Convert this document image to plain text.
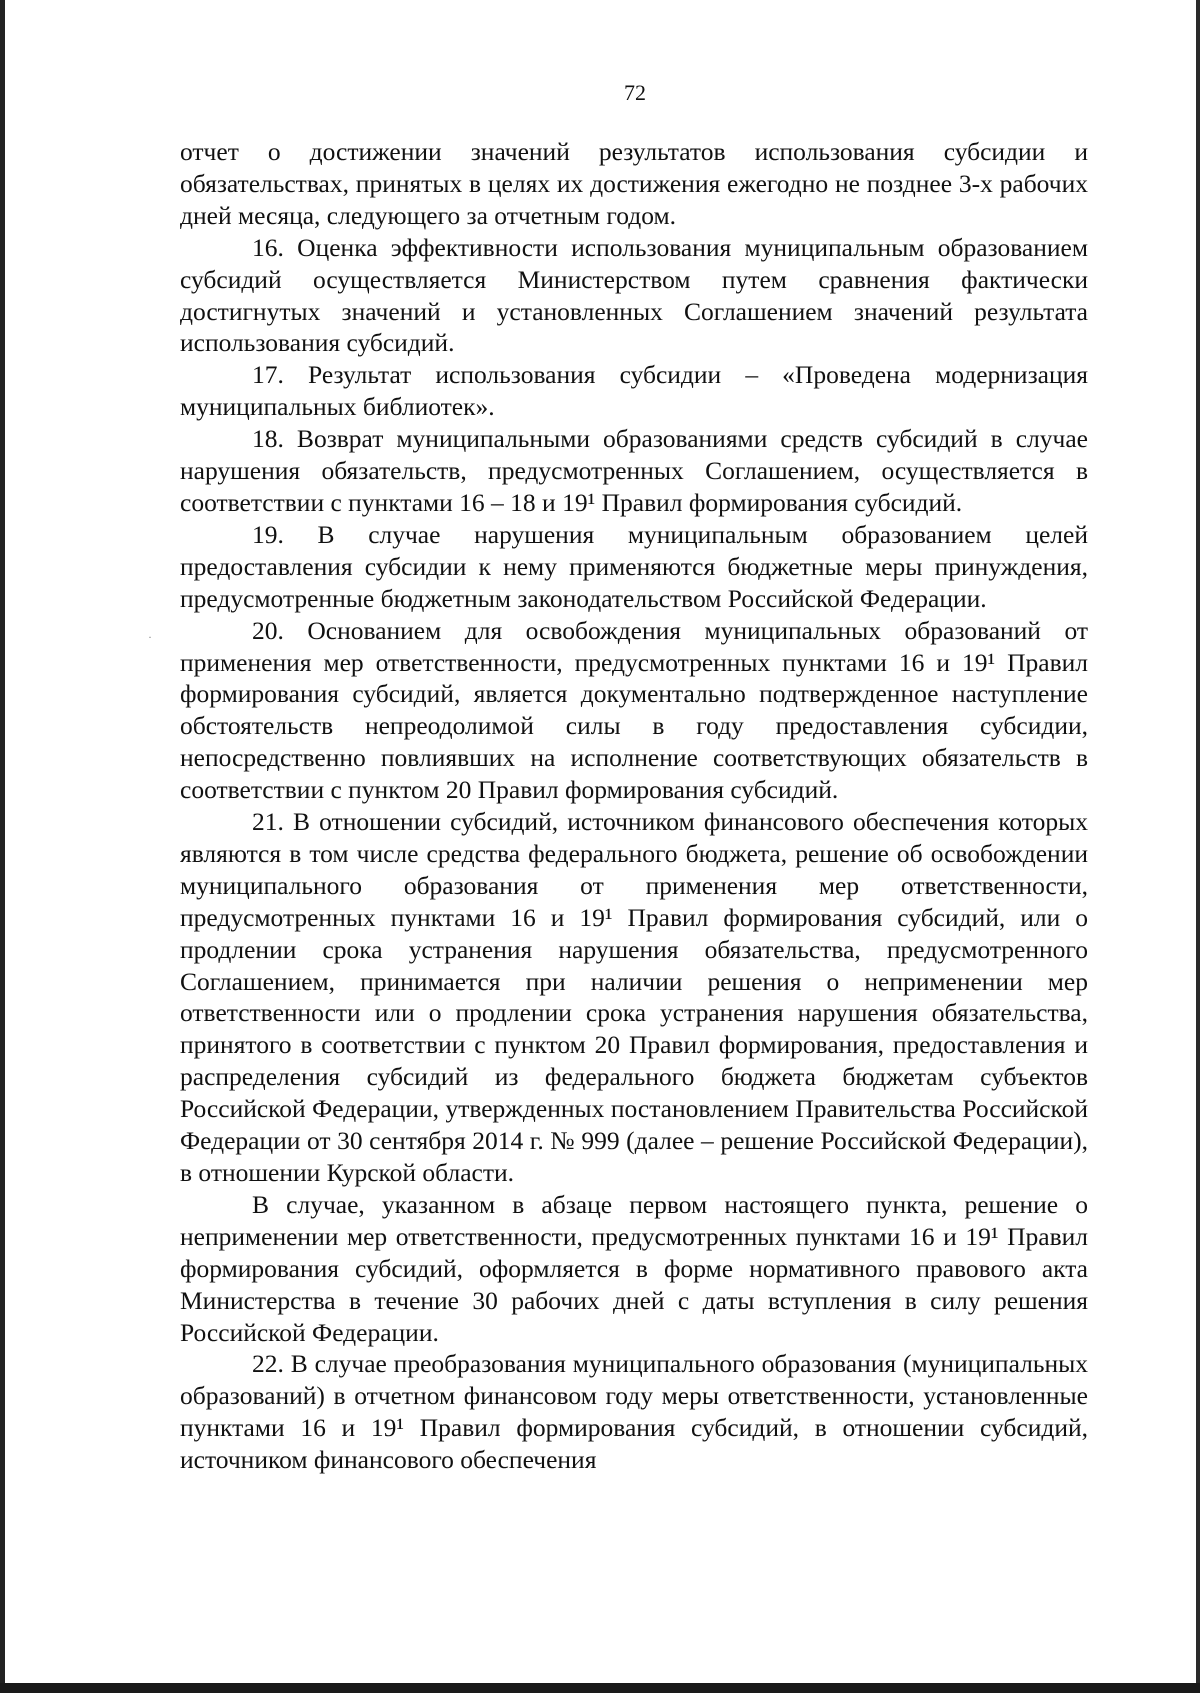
·
72

отчет о достижении значений результатов использования субсидии и обязательствах, принятых в целях их достижения ежегодно не позднее 3-х рабочих дней месяца, следующего за отчетным годом.

16. Оценка эффективности использования муниципальным образованием субсидий осуществляется Министерством путем сравнения фактически достигнутых значений и установленных Соглашением значений результата использования субсидий.

17. Результат использования субсидии – «Проведена модернизация муниципальных библиотек».

18. Возврат муниципальными образованиями средств субсидий в случае нарушения обязательств, предусмотренных Соглашением, осуществляется в соответствии с пунктами 16 – 18 и 19¹ Правил формирования субсидий.

19. В случае нарушения муниципальным образованием целей предоставления субсидии к нему применяются бюджетные меры принуждения, предусмотренные бюджетным законодательством Российской Федерации.

20. Основанием для освобождения муниципальных образований от применения мер ответственности, предусмотренных пунктами 16 и 19¹ Правил формирования субсидий, является документально подтвержденное наступление обстоятельств непреодолимой силы в году предоставления субсидии, непосредственно повлиявших на исполнение соответствующих обязательств в соответствии с пунктом 20 Правил формирования субсидий.

21. В отношении субсидий, источником финансового обеспечения которых являются в том числе средства федерального бюджета, решение об освобождении муниципального образования от применения мер ответственности, предусмотренных пунктами 16 и 19¹ Правил формирования субсидий, или о продлении срока устранения нарушения обязательства, предусмотренного Соглашением, принимается при наличии решения о неприменении мер ответственности или о продлении срока устранения нарушения обязательства, принятого в соответствии с пунктом 20 Правил формирования, предоставления и распределения субсидий из федерального бюджета бюджетам субъектов Российской Федерации, утвержденных постановлением Правительства Российской Федерации от 30 сентября 2014 г. № 999 (далее – решение Российской Федерации), в отношении Курской области.

В случае, указанном в абзаце первом настоящего пункта, решение о неприменении мер ответственности, предусмотренных пунктами 16 и 19¹ Правил формирования субсидий, оформляется в форме нормативного правового акта Министерства в течение 30 рабочих дней с даты вступления в силу решения Российской Федерации.

22. В случае преобразования муниципального образования (муниципальных образований) в отчетном финансовом году меры ответственности, установленные пунктами 16 и 19¹ Правил формирования субсидий, в отношении субсидий, источником финансового обеспечения
